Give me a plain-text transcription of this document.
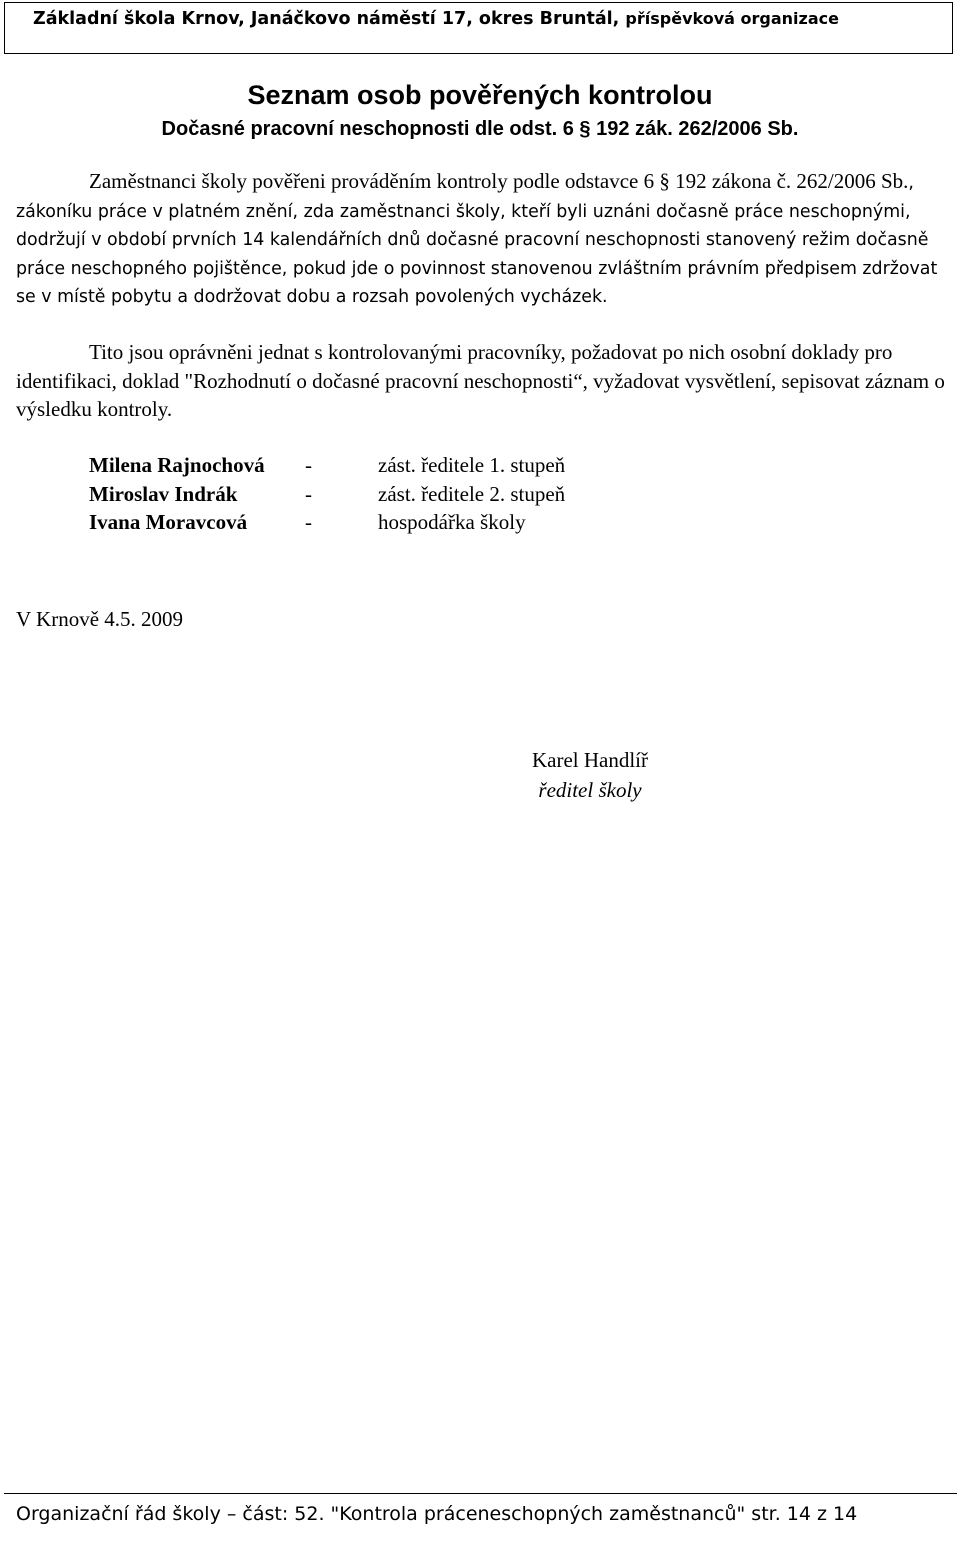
Základní škola Krnov, Janáčkovo náměstí 17, okres Bruntál, příspěvková organizace
Seznam osob pověřených kontrolou
Dočasné pracovní neschopnosti dle odst. 6 § 192 zák. 262/2006 Sb.

Zaměstnanci školy pověřeni prováděním kontroly podle odstavce 6 § 192 zákona č. 262/2006 Sb., zákoníku práce v platném znění, zda zaměstnanci školy, kteří byli uznáni dočasně práce neschopnými, dodržují v období prvních 14 kalendářních dnů dočasné pracovní neschopnosti stanovený režim dočasně práce neschopného pojištěnce, pokud jde o povinnost stanovenou zvláštním právním předpisem zdržovat se v místě pobytu a dodržovat dobu a rozsah povolených vycházek.

Tito jsou oprávněni jednat s kontrolovanými pracovníky, požadovat po nich osobní doklady pro identifikaci, doklad "Rozhodnutí o dočasné pracovní neschopnosti“, vyžadovat vysvětlení, sepisovat záznam o výsledku kontroly.

Milena Rajnochová -	zást. ředitele 1. stupeň
Miroslav Indrák	-	zást. ředitele 2. stupeň
Ivana Moravcová	-	hospodářka školy
V Krnově 4.5. 2009
Karel Handlíř
ředitel školy
Organizační řád školy – část: 52. "Kontrola práceneschopných zaměstnanců" str. 14 z 14
